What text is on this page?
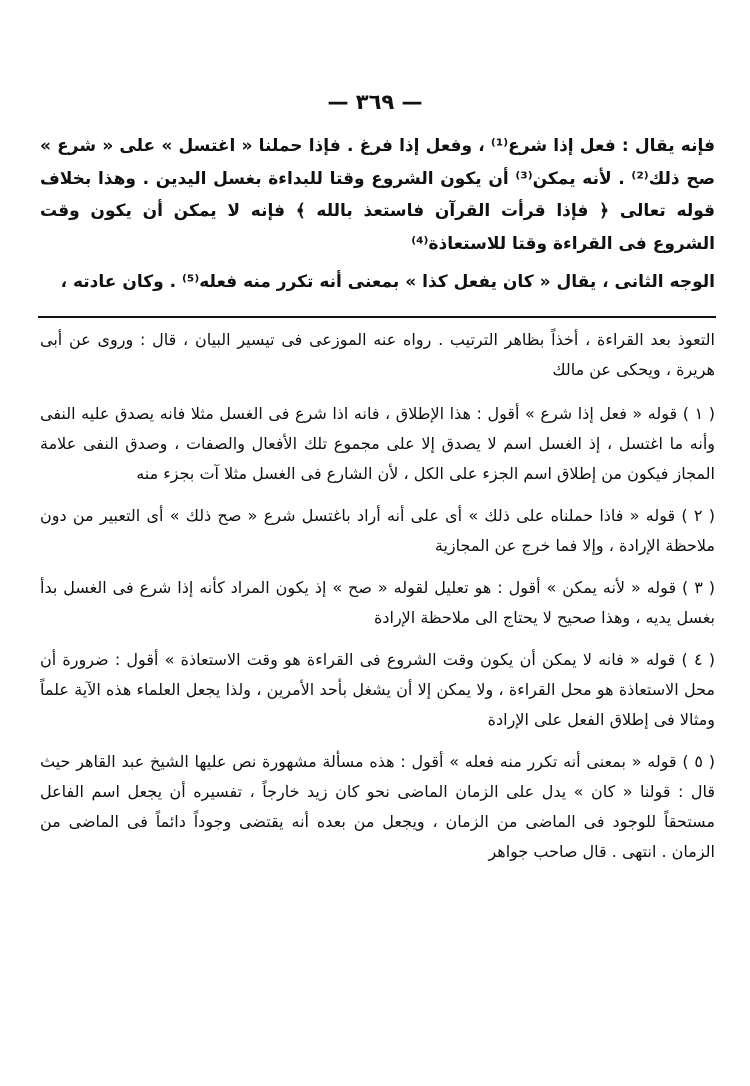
— ٣٦٩ —

فإنه يقال : فعل إذا شرع⁽¹⁾ ، وفعل إذا فرغ . فإذا حملنا « اغتسل » على « شرع » صح ذلك⁽²⁾ . لأنه يمكن⁽³⁾ أن يكون الشروع وقتا للبداءة بغسل اليدين . وهذا بخلاف قوله تعالى ﴿ فإذا قرأت القرآن فاستعذ بالله ﴾ فإنه لا يمكن أن يكون وقت الشروع فى القراءة وقتا للاستعاذة⁽⁴⁾

الوجه الثانى ، يقال « كان يفعل كذا » بمعنى أنه تكرر منه فعله⁽⁵⁾ . وكان عادته ،

التعوذ بعد القراءة ، أخذاً بظاهر الترتيب . رواه عنه الموزعى فى تيسير البيان ، قال : وروى عن أبى هريرة ، ويحكى عن مالك

( ١ ) قوله « فعل إذا شرع » أقول : هذا الإطلاق ، فانه اذا شرع فى الغسل مثلا فانه يصدق عليه النفى وأنه ما اغتسل ، إذ الغسل اسم لا يصدق إلا على مجموع تلك الأفعال والصفات ، وصدق النفى علامة المجاز فيكون من إطلاق اسم الجزء على الكل ، لأن الشارع فى الغسل مثلا آت بجزء منه

( ٢ ) قوله « فاذا حملناه على ذلك » أى على أنه أراد باغتسل شرع « صح ذلك » أى التعبير من دون ملاحظة الإرادة ، وإلا فما خرج عن المجازية

( ٣ ) قوله « لأنه يمكن » أقول : هو تعليل لقوله « صح » إذ يكون المراد كأنه إذا شرع فى الغسل بدأ بغسل يديه ، وهذا صحيح لا يحتاج الى ملاحظة الإرادة

( ٤ ) قوله « فانه لا يمكن أن يكون وقت الشروع فى القراءة هو وقت الاستعاذة » أقول : ضرورة أن محل الاستعاذة هو محل القراءة ، ولا يمكن إلا أن يشغل بأحد الأمرين ، ولذا يجعل العلماء هذه الآية علماً ومثالا فى إطلاق الفعل على الإرادة

( ٥ ) قوله « بمعنى أنه تكرر منه فعله » أقول : هذه مسألة مشهورة نص عليها الشيخ عبد القاهر حيث قال : قولنا « كان » يدل على الزمان الماضى نحو كان زيد خارجاً ، تفسيره أن يجعل اسم الفاعل مستحقاً للوجود فى الماضى من الزمان ، ويجعل من بعده أنه يقتضى وجوداً دائماً فى الماضى من الزمان . انتهى . قال صاحب جواهر
